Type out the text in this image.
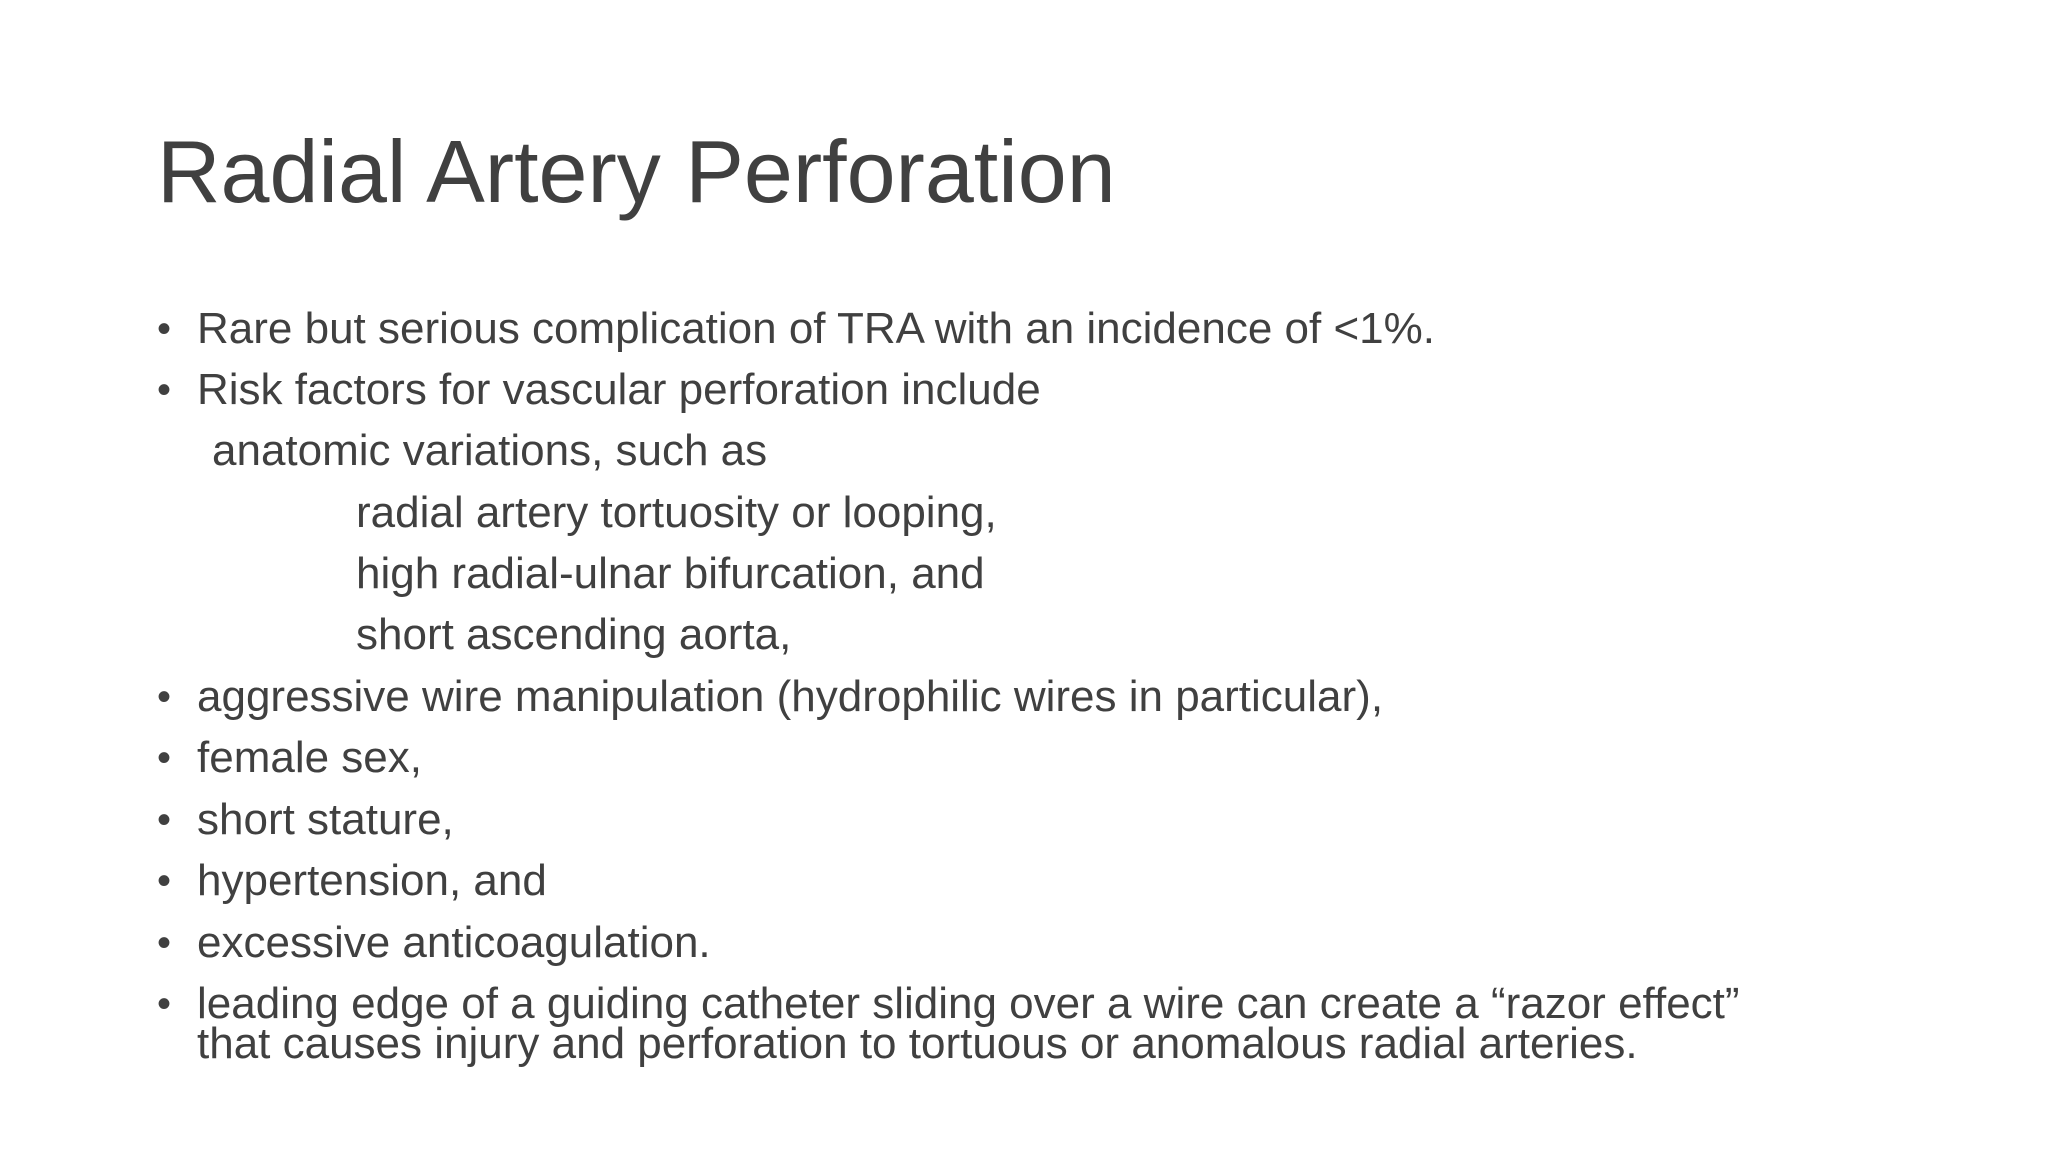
Radial Artery Perforation
• Rare but serious complication of TRA with an incidence of <1%.
• Risk factors for vascular perforation include
anatomic variations, such as
radial artery tortuosity or looping,
high radial-ulnar bifurcation, and
short ascending aorta,
• aggressive wire manipulation (hydrophilic wires in particular),
• female sex,
• short stature,
• hypertension, and
• excessive anticoagulation.
• leading edge of a guiding catheter sliding over a wire can create a “razor effect”
that causes injury and perforation to tortuous or anomalous radial arteries.
